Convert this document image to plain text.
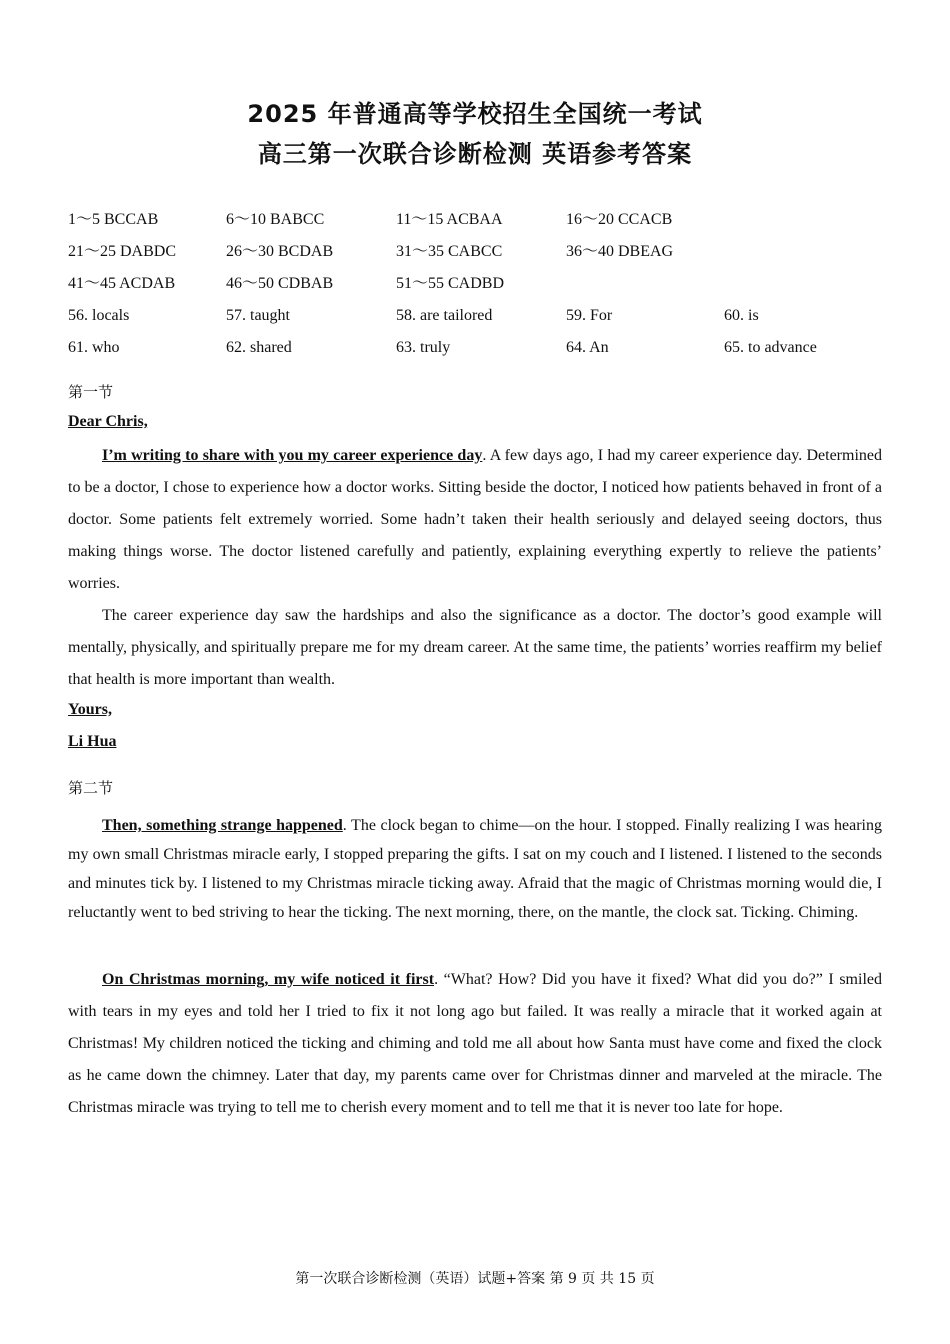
2025 年普通高等学校招生全国统一考试
高三第一次联合诊断检测 英语参考答案
1～5 BCCAB	6～10 BABCC	11～15 ACBAA	16～20 CCACB
21～25 DABDC	26～30 BCDAB	31～35 CABCC	36～40 DBEAG
41～45 ACDAB	46～50 CDBAB	51～55 CADBD
56. locals	57. taught	58. are tailored	59. For	60. is
61. who	62. shared	63. truly	64. An	65. to advance
第一节
Dear Chris,
I’m writing to share with you my career experience day. A few days ago, I had my career experience day. Determined to be a doctor, I chose to experience how a doctor works. Sitting beside the doctor, I noticed how patients behaved in front of a doctor. Some patients felt extremely worried. Some hadn’t taken their health seriously and delayed seeing doctors, thus making things worse. The doctor listened carefully and patiently, explaining everything expertly to relieve the patients’ worries.
The career experience day saw the hardships and also the significance as a doctor. The doctor’s good example will mentally, physically, and spiritually prepare me for my dream career. At the same time, the patients’ worries reaffirm my belief that health is more important than wealth.
Yours,
Li Hua
第二节
Then, something strange happened. The clock began to chime—on the hour. I stopped. Finally realizing I was hearing my own small Christmas miracle early, I stopped preparing the gifts. I sat on my couch and I listened. I listened to the seconds and minutes tick by. I listened to my Christmas miracle ticking away. Afraid that the magic of Christmas morning would die, I reluctantly went to bed striving to hear the ticking. The next morning, there, on the mantle, the clock sat. Ticking. Chiming.
On Christmas morning, my wife noticed it first. “What? How? Did you have it fixed? What did you do?” I smiled with tears in my eyes and told her I tried to fix it not long ago but failed. It was really a miracle that it worked again at Christmas! My children noticed the ticking and chiming and told me all about how Santa must have come and fixed the clock as he came down the chimney. Later that day, my parents came over for Christmas dinner and marveled at the miracle. The Christmas miracle was trying to tell me to cherish every moment and to tell me that it is never too late for hope.
第一次联合诊断检测（英语）试题+答案 第 9 页 共 15 页
